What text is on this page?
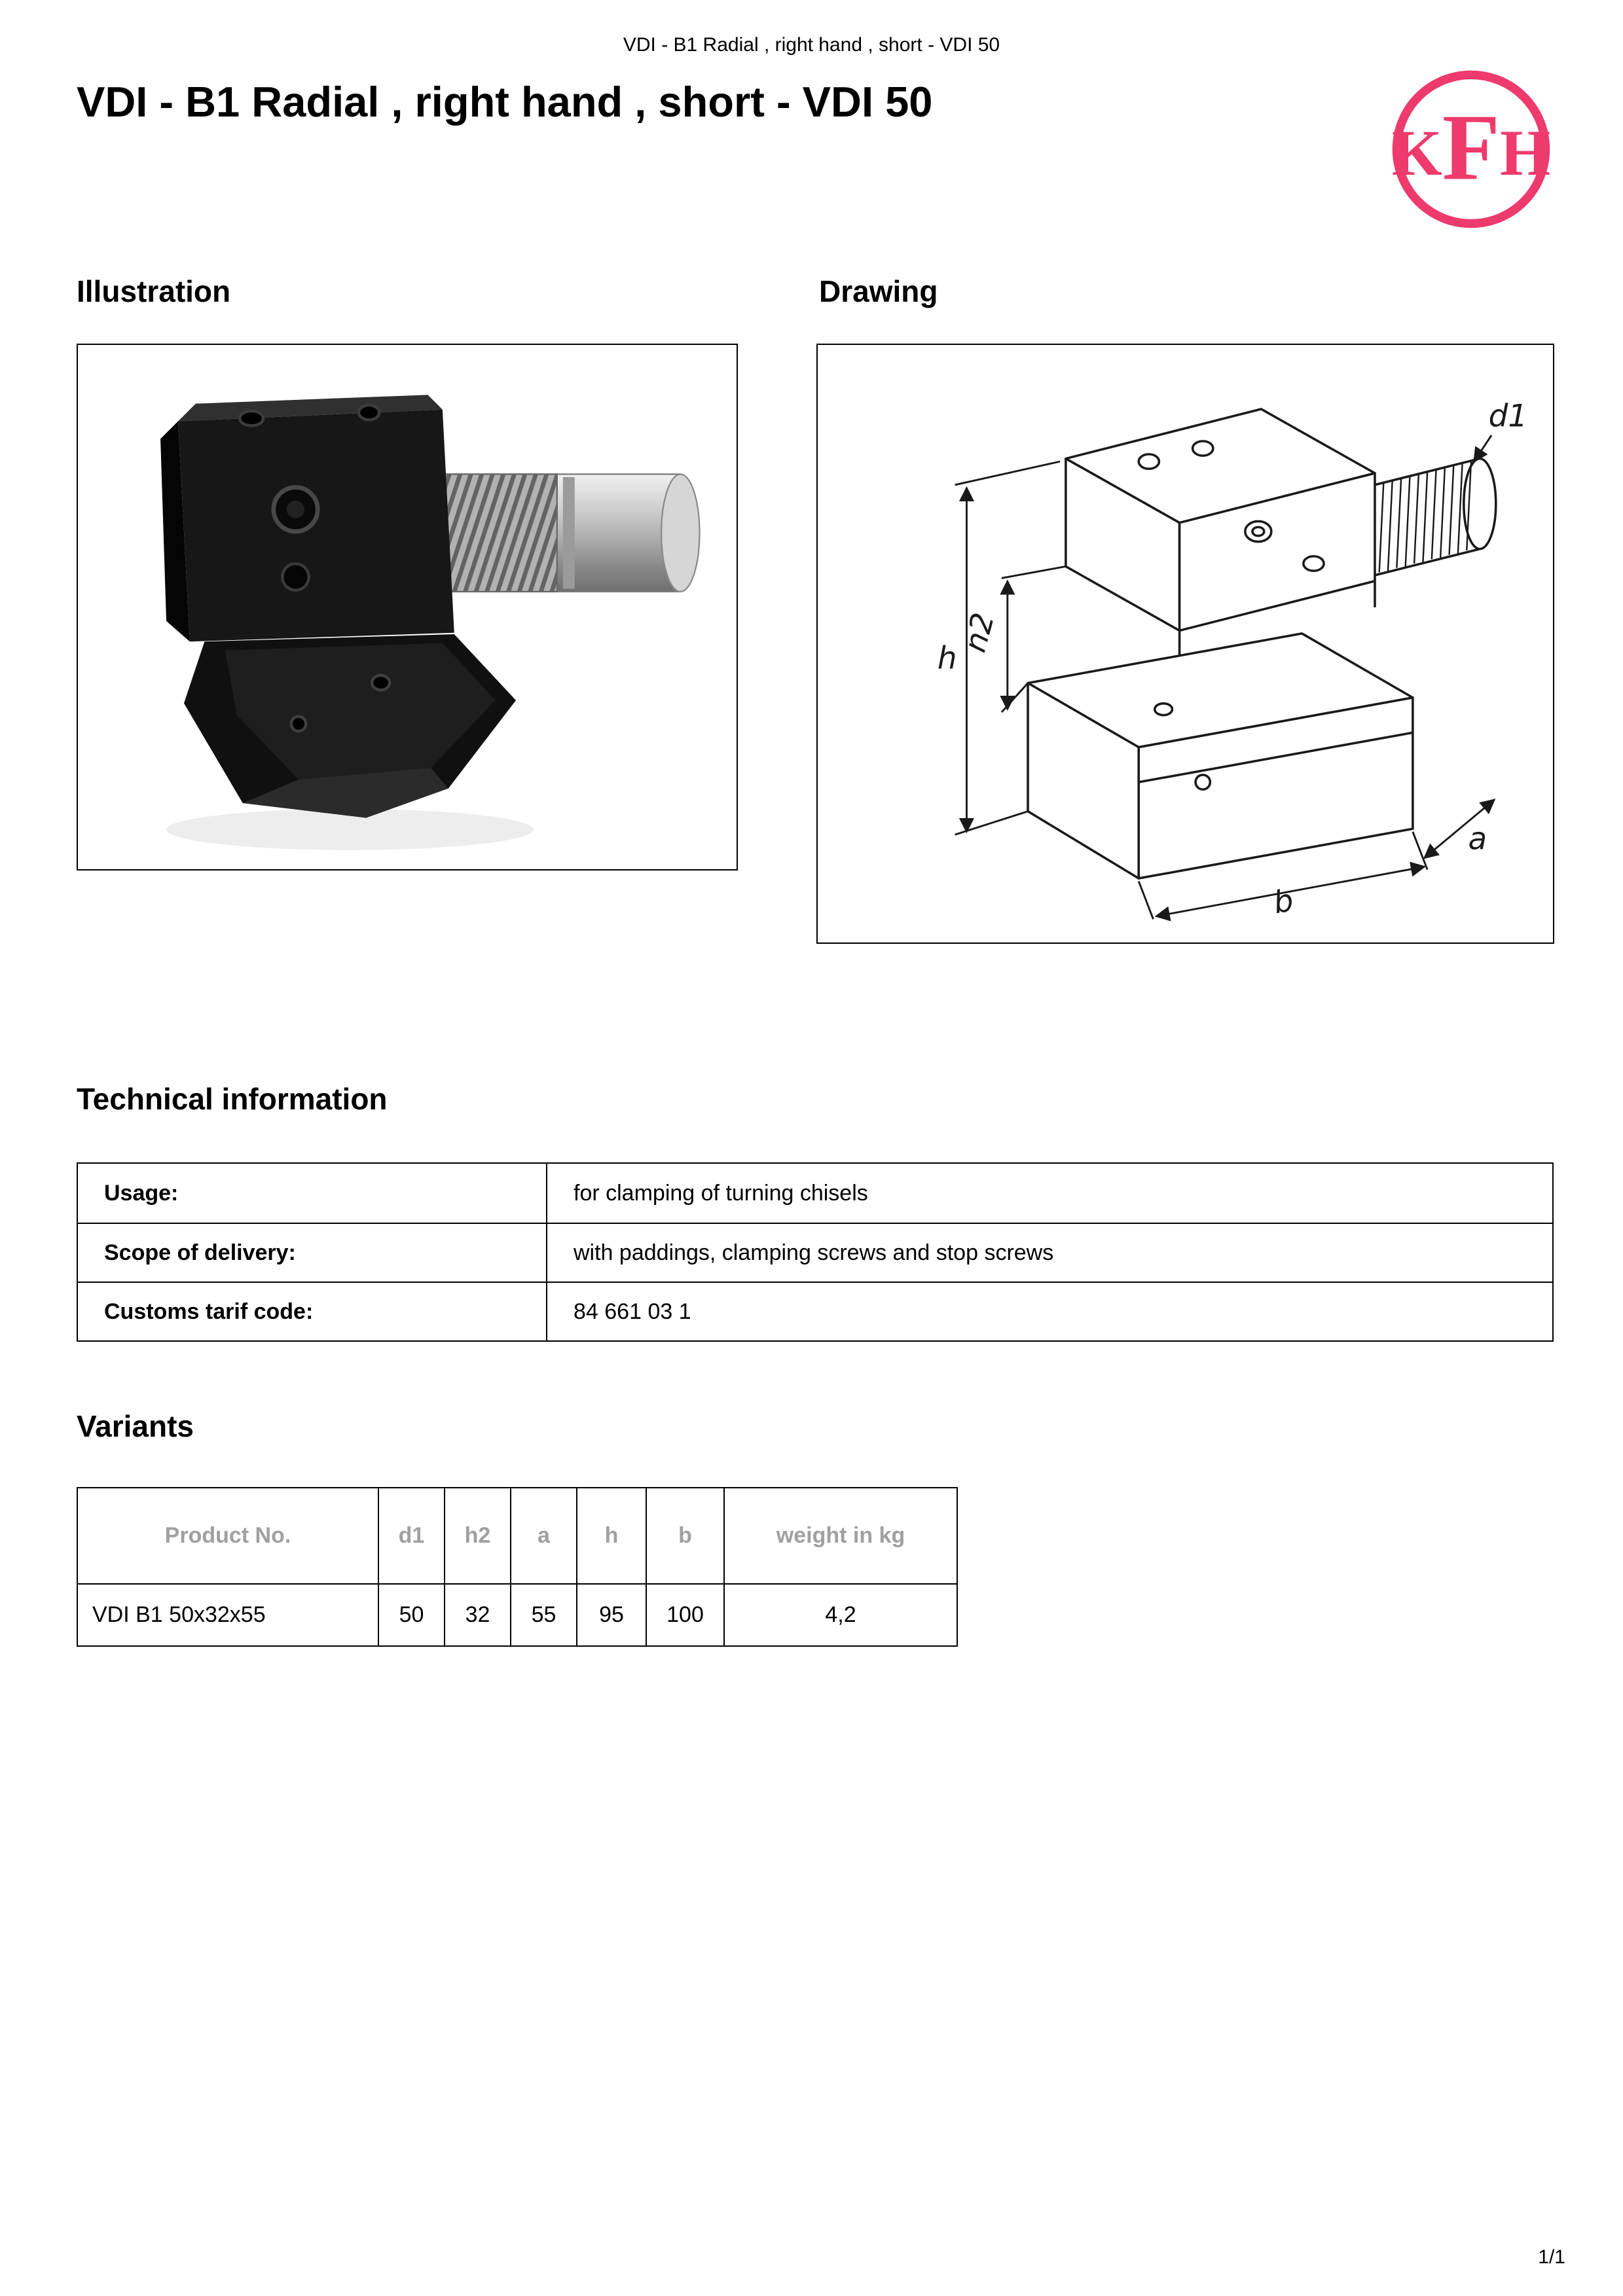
VDI - B1 Radial , right hand , short - VDI 50
VDI - B1 Radial , right hand , short - VDI 50
KFH
Illustration	Drawing
h
n2
d1
b
a
Technical information
Usage:	for clamping of turning chisels
Scope of delivery:	with paddings, clamping screws and stop screws
Customs tarif code:	84 661 03 1
Variants
Product No.	d1	h2	a	h	b	weight in kg
VDI B1 50x32x55	50	32	55	95	100	4,2
1/1
